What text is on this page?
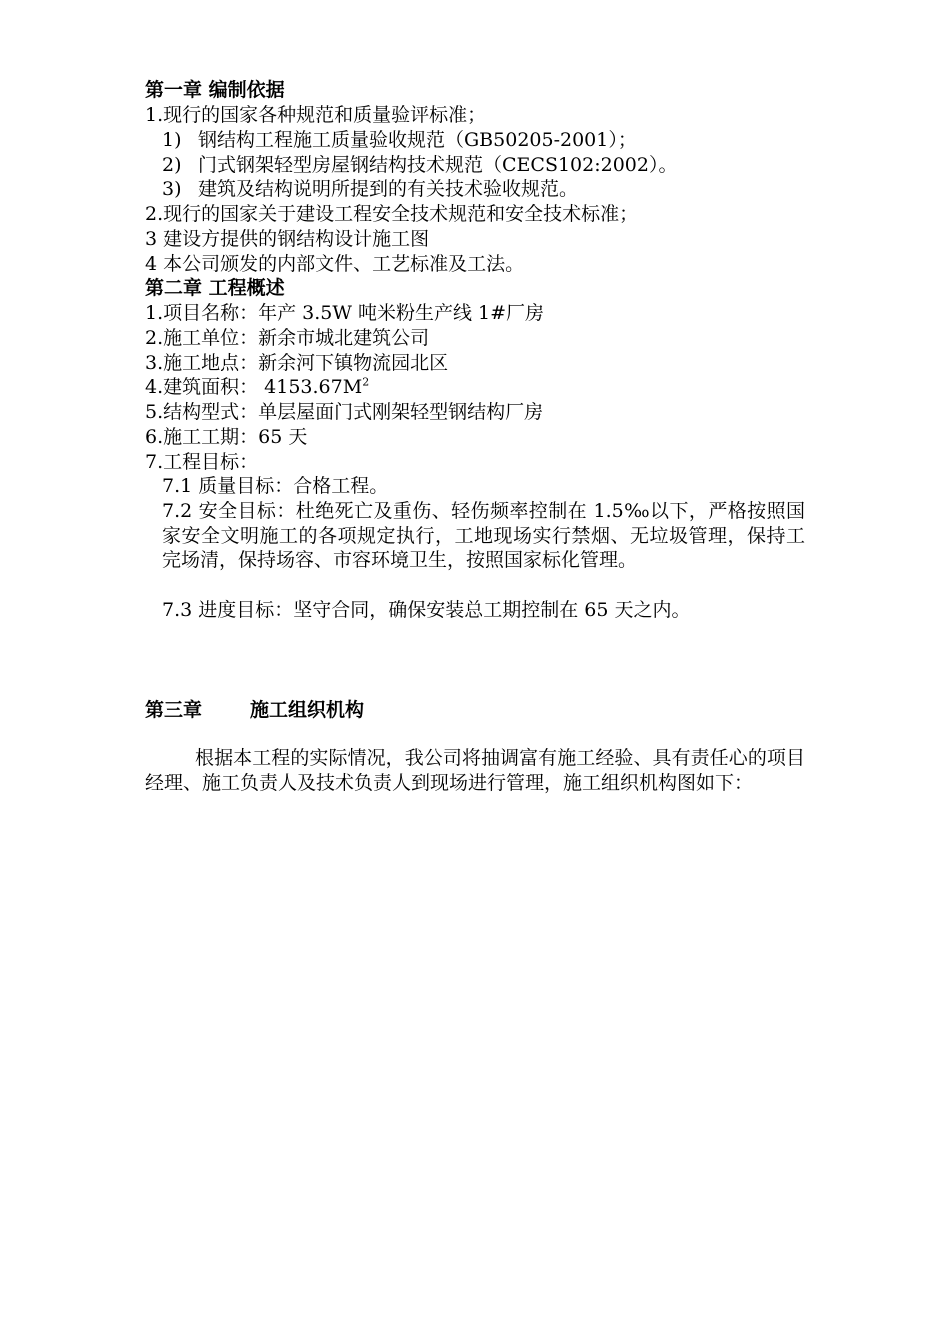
第一章 编制依据
1.现行的国家各种规范和质量验评标准；
1) 钢结构工程施工质量验收规范（GB50205-2001）；
2) 门式钢架轻型房屋钢结构技术规范（CECS102:2002）。
3) 建筑及结构说明所提到的有关技术验收规范。
2.现行的国家关于建设工程安全技术规范和安全技术标准；
3 建设方提供的钢结构设计施工图
4 本公司颁发的内部文件、工艺标准及工法。
第二章 工程概述
1.项目名称：年产 3.5W 吨米粉生产线 1#厂房
2.施工单位：新余市城北建筑公司
3.施工地点：新余河下镇物流园北区
4.建筑面积： $4153.67M^2$
5.结构型式：单层屋面门式刚架轻型钢结构厂房
6.施工工期：65 天
7.工程目标：
7.1 质量目标：合格工程。
7.2 安全目标：杜绝死亡及重伤、轻伤频率控制在 1.5‰以下，严格按照国家安全文明施工的各项规定执行，工地现场实行禁烟、无垃圾管理，保持工完场清，保持场容、市容环境卫生，按照国家标化管理。
7.3 进度目标：坚守合同，确保安装总工期控制在 65 天之内。
第三章	施工组织机构
根据本工程的实际情况，我公司将抽调富有施工经验、具有责任心的项目经理、施工负责人及技术负责人到现场进行管理，施工组织机构图如下：
